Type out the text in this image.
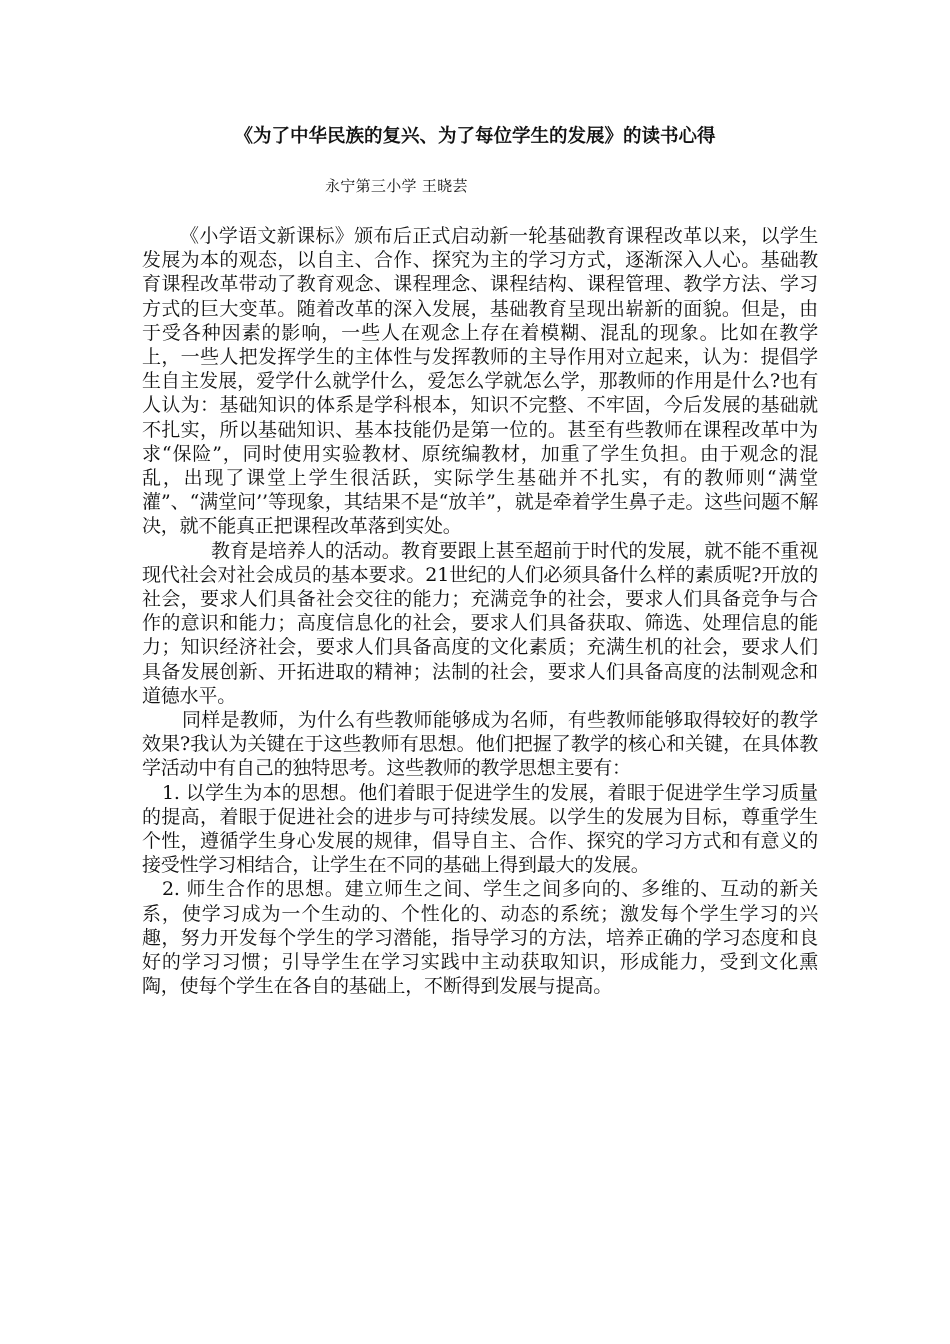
《为了中华民族的复兴、为了每位学生的发展》的读书心得
永宁第三小学 王晓芸

《小学语文新课标》颁布后正式启动新一轮基础教育课程改革以来，以学生发展为本的观态，以自主、合作、探究为主的学习方式，逐渐深入人心。基础教育课程改革带动了教育观念、课程理念、课程结构、课程管理、教学方法、学习方式的巨大变革。随着改革的深入发展，基础教育呈现出崭新的面貌。但是，由于受各种因素的影响，一些人在观念上存在着模糊、混乱的现象。比如在教学上，一些人把发挥学生的主体性与发挥教师的主导作用对立起来，认为：提倡学生自主发展，爱学什么就学什么，爱怎么学就怎么学，那教师的作用是什么?也有人认为：基础知识的体系是学科根本，知识不完整、不牢固，今后发展的基础就不扎实，所以基础知识、基本技能仍是第一位的。甚至有些教师在课程改革中为求“保险”，同时使用实验教材、原统编教材，加重了学生负担。由于观念的混乱，出现了课堂上学生很活跃，实际学生基础并不扎实，有的教师则“满堂灌”、“满堂问’’等现象，其结果不是“放羊”，就是牵着学生鼻子走。这些问题不解决，就不能真正把课程改革落到实处。

教育是培养人的活动。教育要跟上甚至超前于时代的发展，就不能不重视现代社会对社会成员的基本要求。21世纪的人们必须具备什么样的素质呢?开放的社会，要求人们具备社会交往的能力；充满竞争的社会，要求人们具备竞争与合作的意识和能力；高度信息化的社会，要求人们具备获取、筛选、处理信息的能力；知识经济社会，要求人们具备高度的文化素质；充满生机的社会，要求人们具备发展创新、开拓进取的精神；法制的社会，要求人们具备高度的法制观念和道德水平。

同样是教师，为什么有些教师能够成为名师，有些教师能够取得较好的教学效果?我认为关键在于这些教师有思想。他们把握了教学的核心和关键，在具体教学活动中有自己的独特思考。这些教师的教学思想主要有：

1. 以学生为本的思想。他们着眼于促进学生的发展，着眼于促进学生学习质量的提高，着眼于促进社会的进步与可持续发展。以学生的发展为目标，尊重学生个性，遵循学生身心发展的规律，倡导自主、合作、探究的学习方式和有意义的接受性学习相结合，让学生在不同的基础上得到最大的发展。

2. 师生合作的思想。建立师生之间、学生之间多向的、多维的、互动的新关系，使学习成为一个生动的、个性化的、动态的系统；激发每个学生学习的兴趣，努力开发每个学生的学习潜能，指导学习的方法，培养正确的学习态度和良好的学习习惯；引导学生在学习实践中主动获取知识，形成能力，受到文化熏陶，使每个学生在各自的基础上，不断得到发展与提高。
